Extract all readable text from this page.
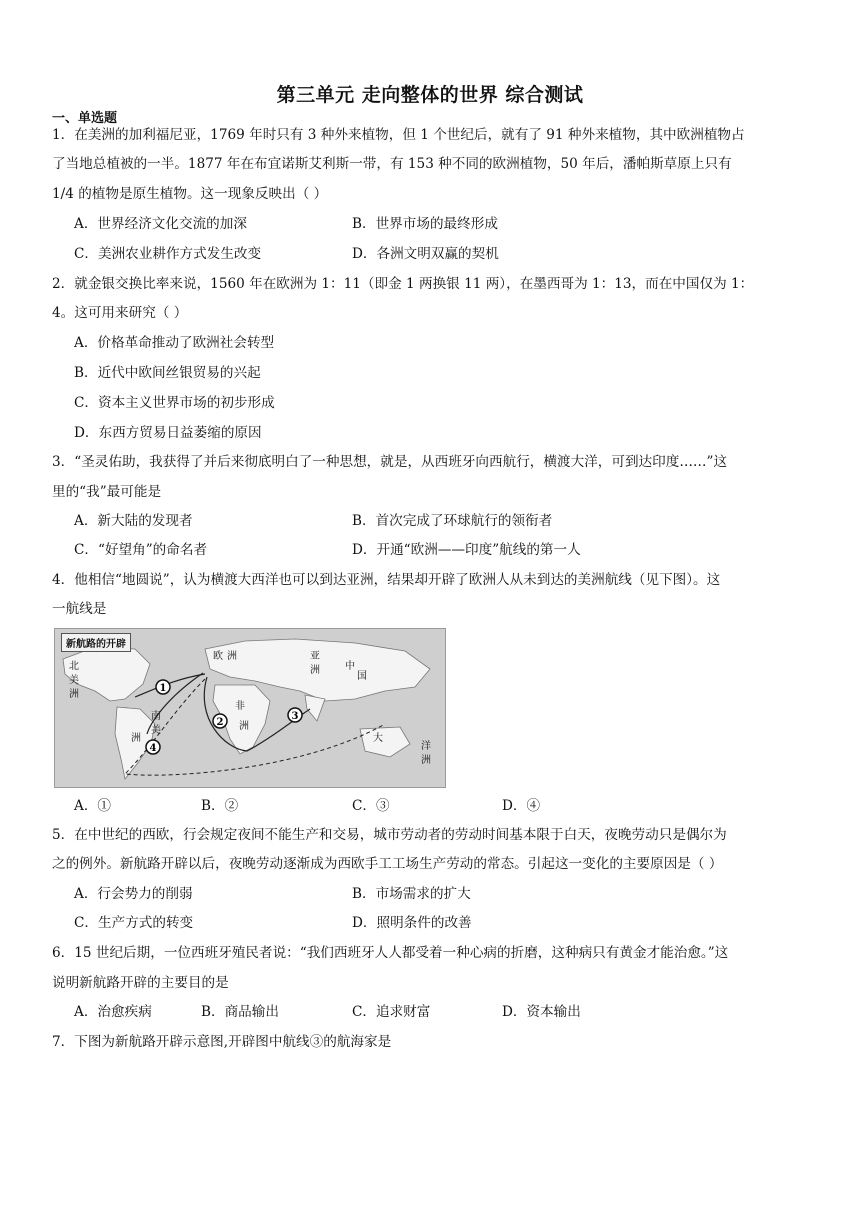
第三单元 走向整体的世界 综合测试
一、单选题
1．在美洲的加利福尼亚，1769 年时只有 3 种外来植物，但 1 个世纪后，就有了 91 种外来植物，其中欧洲植物占
了当地总植被的一半。1877 年在布宜诺斯艾利斯一带，有 153 种不同的欧洲植物，50 年后，潘帕斯草原上只有
1/4 的植物是原生植物。这一现象反映出（ ）
A．世界经济文化交流的加深	B．世界市场的最终形成
C．美洲农业耕作方式发生改变	D．各洲文明双赢的契机
2．就金银交换比率来说，1560 年在欧洲为 1：11（即金 1 两换银 11 两），在墨西哥为 1：13，而在中国仅为 1：
4。这可用来研究（ ）
A．价格革命推动了欧洲社会转型
B．近代中欧间丝银贸易的兴起
C．资本主义世界市场的初步形成
D．东西方贸易日益萎缩的原因
3．“圣灵佑助，我获得了并后来彻底明白了一种思想，就是，从西班牙向西航行，横渡大洋，可到达印度……”这
里的“我”最可能是
A．新大陆的发现者	B．首次完成了环球航行的领衔者
C．“好望角”的命名者	D．开通“欧洲——印度”航线的第一人
4．他相信“地圆说”，认为横渡大西洋也可以到达亚洲，结果却开辟了欧洲人从未到达的美洲航线（见下图）。这
一航线是
1
2
3
4
北
美
洲
南
美
洲
欧 洲
非
洲
亚
洲	中
国
大
洋
洲
新航路的开辟
A．①	B．②	C．③	D．④
5．在中世纪的西欧，行会规定夜间不能生产和交易，城市劳动者的劳动时间基本限于白天，夜晚劳动只是偶尔为
之的例外。新航路开辟以后，夜晚劳动逐渐成为西欧手工工场生产劳动的常态。引起这一变化的主要原因是（ ）
A．行会势力的削弱	B．市场需求的扩大
C．生产方式的转变	D．照明条件的改善
6．15 世纪后期，一位西班牙殖民者说：“我们西班牙人人都受着一种心病的折磨，这种病只有黄金才能治愈。”这
说明新航路开辟的主要目的是
A．治愈疾病	B．商品输出	C．追求财富	D．资本输出
7．下图为新航路开辟示意图,开辟图中航线③的航海家是
